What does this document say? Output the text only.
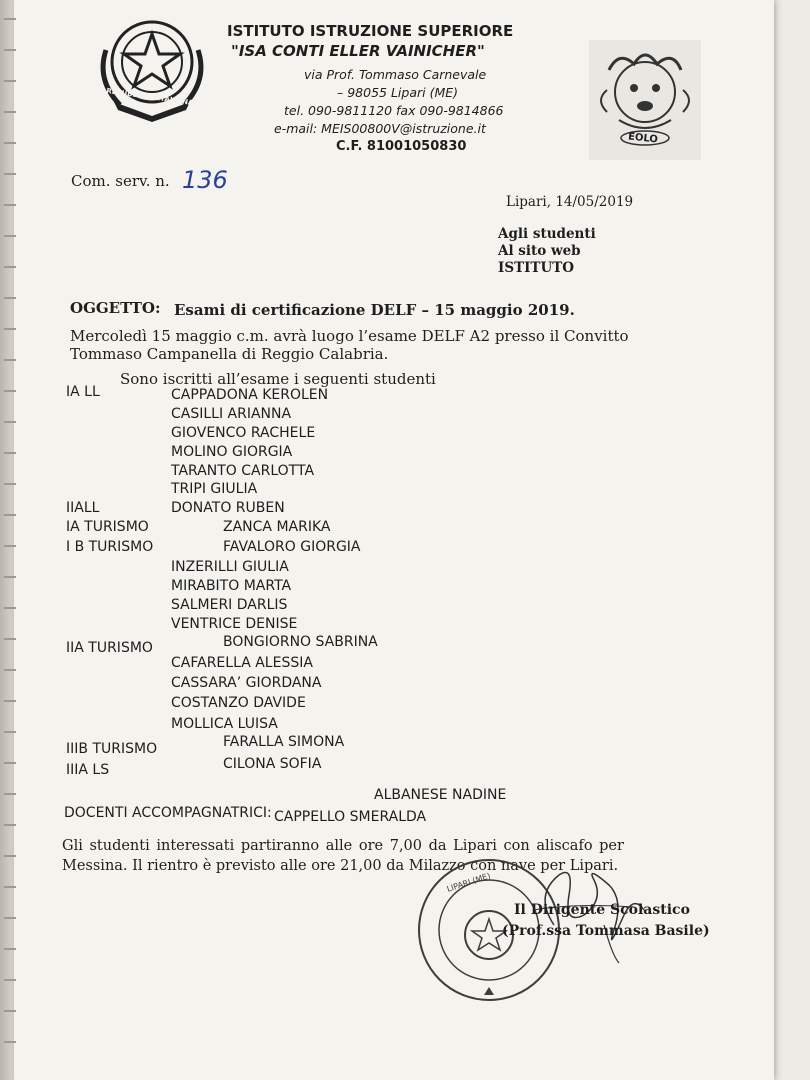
REPUBBLICA ITALIANA
EOLO
ISTITUTO ISTRUZIONE SUPERIORE
"ISA CONTI ELLER VAINICHER"
via Prof. Tommaso Carnevale
– 98055 Lipari (ME)
tel. 090-9811120 fax 090-9814866
e-mail: MEIS00800V@istruzione.it
C.F. 81001050830
Com. serv. n. 136
Lipari, 14/05/2019
Agli studenti
Al sito web
ISTITUTO
OGGETTO: Esami di certificazione DELF – 15 maggio 2019.
Mercoledì 15 maggio c.m. avrà luogo l’esame DELF A2 presso il Convitto
Tommaso Campanella di Reggio Calabria.
Sono iscritti all’esame i seguenti studenti
IA LL	CAPPADONA KEROLEN
CASILLI ARIANNA
GIOVENCO RACHELE
MOLINO GIORGIA
TARANTO CARLOTTA
TRIPI GIULIA
IIALL	DONATO RUBEN
IA TURISMO	ZANCA MARIKA
I B TURISMO	FAVALORO GIORGIA
INZERILLI GIULIA
MIRABITO MARTA
SALMERI DARLIS
VENTRICE DENISE
IIA TURISMO	BONGIORNO SABRINA
CAFARELLA ALESSIA
CASSARA’ GIORDANA
COSTANZO DAVIDE
MOLLICA LUISA
IIIB TURISMO	FARALLA SIMONA
IIIA LS	CILONA SOFIA
DOCENTI ACCOMPAGNATRICI:
ALBANESE NADINE
CAPPELLO SMERALDA
Gli studenti interessati partiranno alle ore 7,00 da Lipari con aliscafo per
Messina. Il rientro è previsto alle ore 21,00 da Milazzo con nave per Lipari.
LIPARI (ME)
Il Dirigente Scolastico
(Prof.ssa Tommasa Basile)
